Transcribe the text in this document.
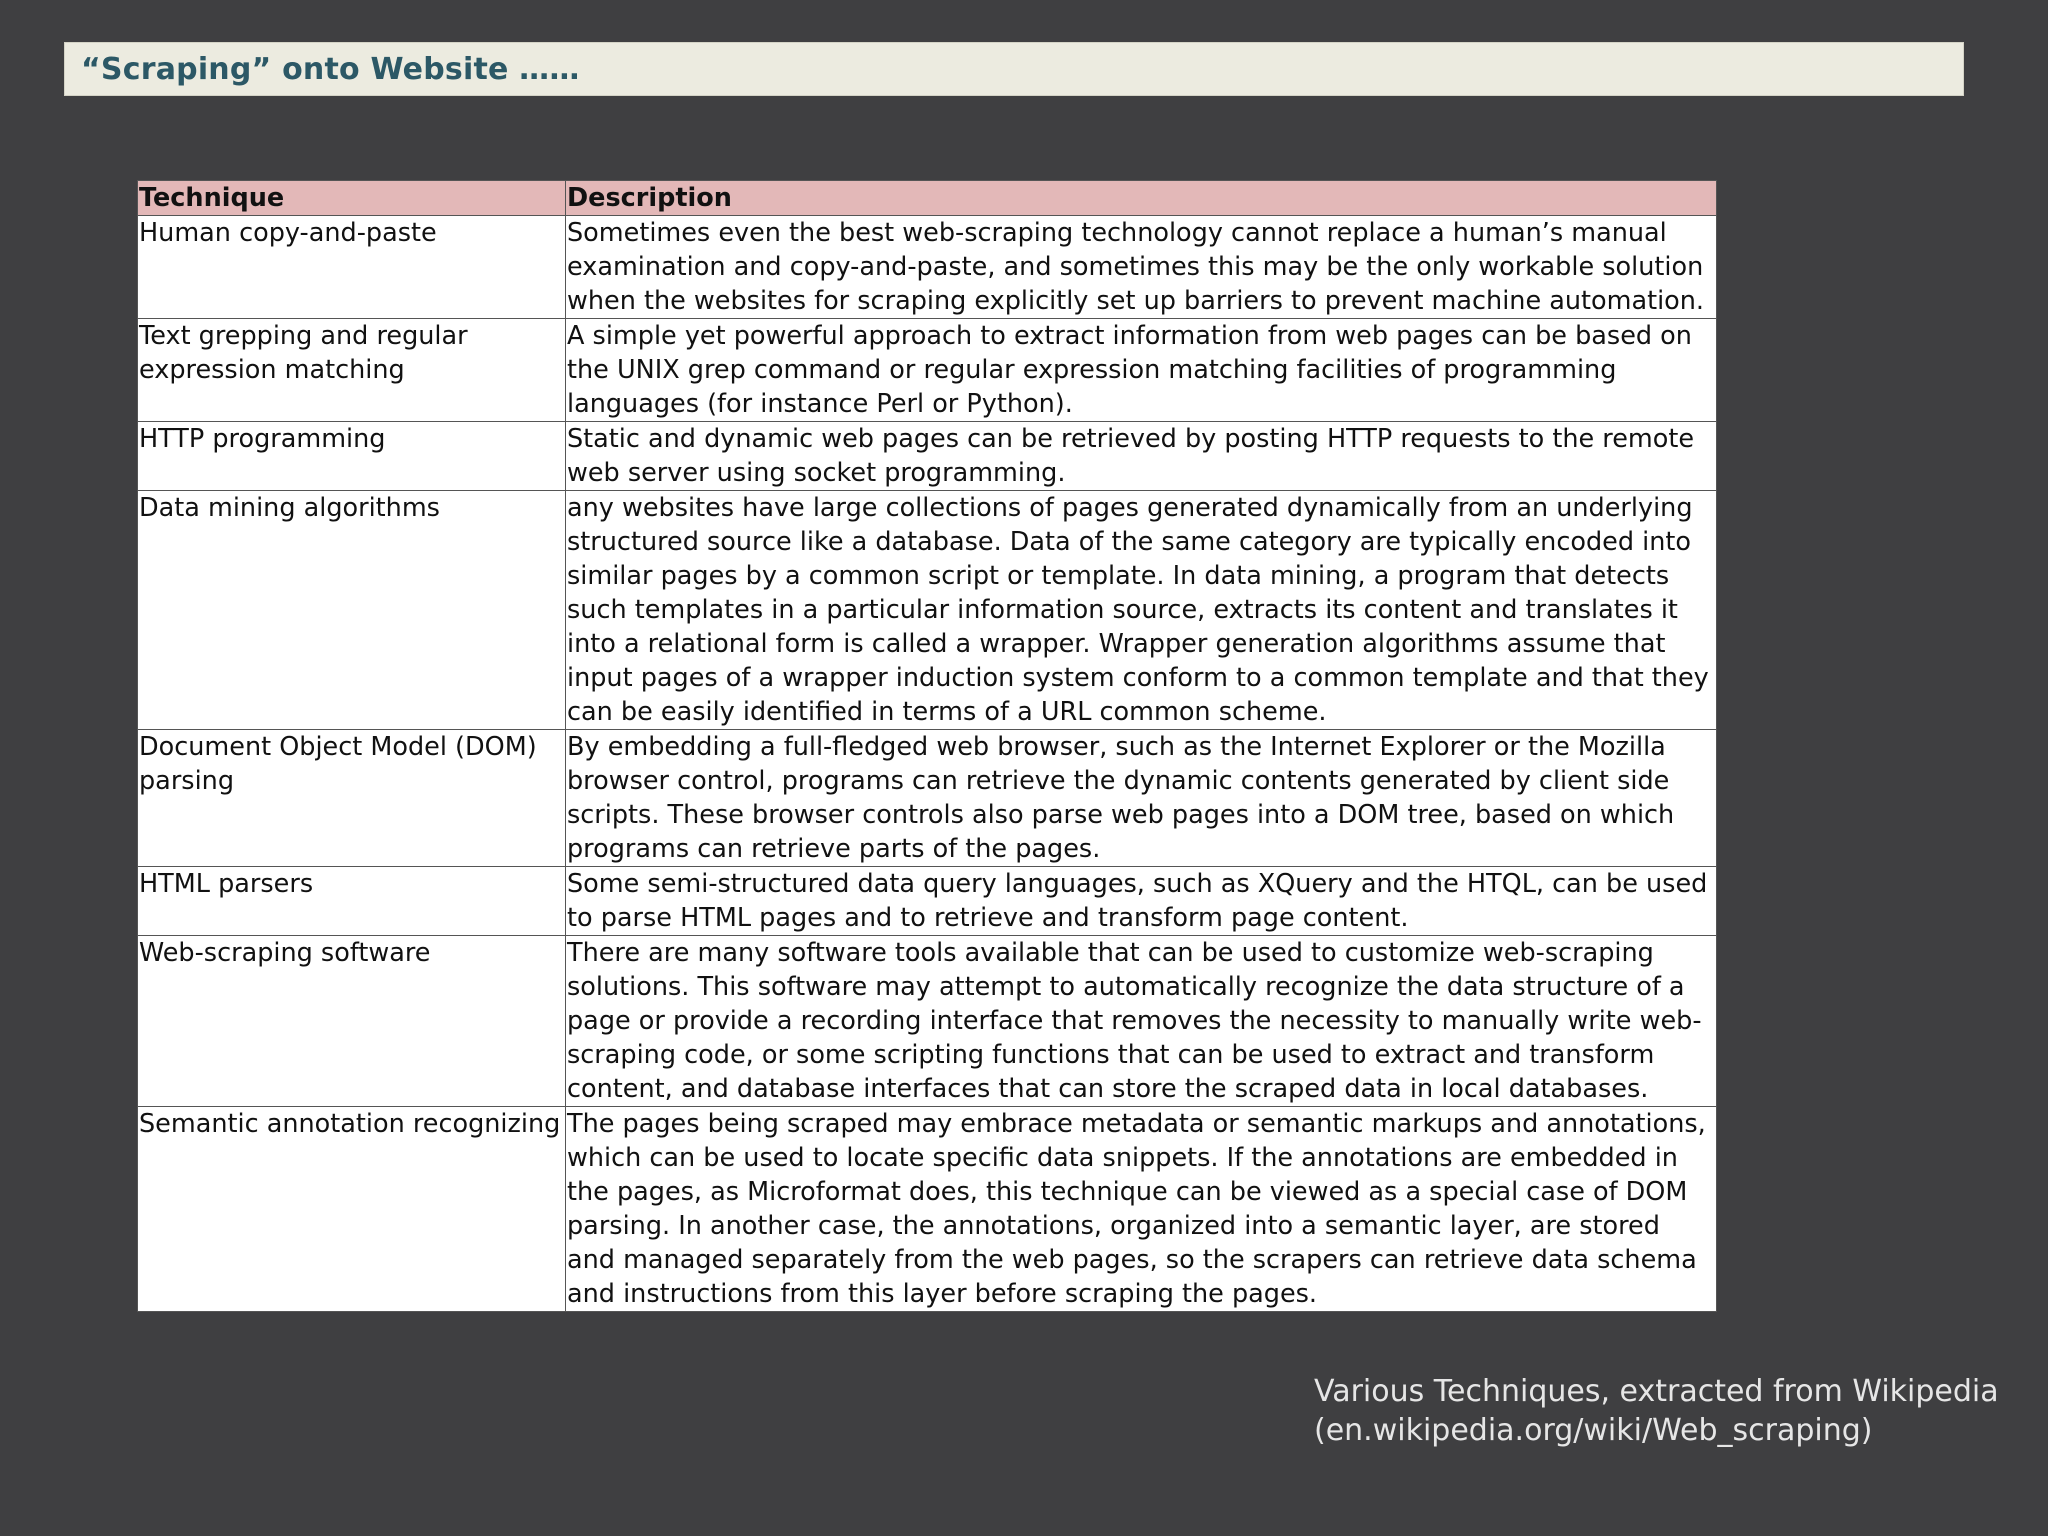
“Scraping” onto Website ……
Technique	Description
Human copy-and-paste	Sometimes even the best web-scraping technology cannot replace a human’s manual examination and copy-and-paste, and sometimes this may be the only workable solution when the websites for scraping explicitly set up barriers to prevent machine automation.
Text grepping and regular expression matching	A simple yet powerful approach to extract information from web pages can be based on the UNIX grep command or regular expression matching facilities of programming languages (for instance Perl or Python).
HTTP programming	Static and dynamic web pages can be retrieved by posting HTTP requests to the remote web server using socket programming.
Data mining algorithms	any websites have large collections of pages generated dynamically from an underlying structured source like a database. Data of the same category are typically encoded into similar pages by a common script or template. In data mining, a program that detects such templates in a particular information source, extracts its content and translates it into a relational form is called a wrapper. Wrapper generation algorithms assume that input pages of a wrapper induction system conform to a common template and that they can be easily identified in terms of a URL common scheme.
Document Object Model (DOM) parsing	By embedding a full-fledged web browser, such as the Internet Explorer or the Mozilla browser control, programs can retrieve the dynamic contents generated by client side scripts. These browser controls also parse web pages into a DOM tree, based on which programs can retrieve parts of the pages.
HTML parsers	Some semi-structured data query languages, such as XQuery and the HTQL, can be used to parse HTML pages and to retrieve and transform page content.
Web-scraping software	There are many software tools available that can be used to customize web-scraping solutions. This software may attempt to automatically recognize the data structure of a page or provide a recording interface that removes the necessity to manually write web-scraping code, or some scripting functions that can be used to extract and transform content, and database interfaces that can store the scraped data in local databases.
Semantic annotation recognizing	The pages being scraped may embrace metadata or semantic markups and annotations, which can be used to locate specific data snippets. If the annotations are embedded in the pages, as Microformat does, this technique can be viewed as a special case of DOM parsing. In another case, the annotations, organized into a semantic layer, are stored and managed separately from the web pages, so the scrapers can retrieve data schema and instructions from this layer before scraping the pages.
Various Techniques, extracted from Wikipedia
(en.wikipedia.org/wiki/Web_scraping)
